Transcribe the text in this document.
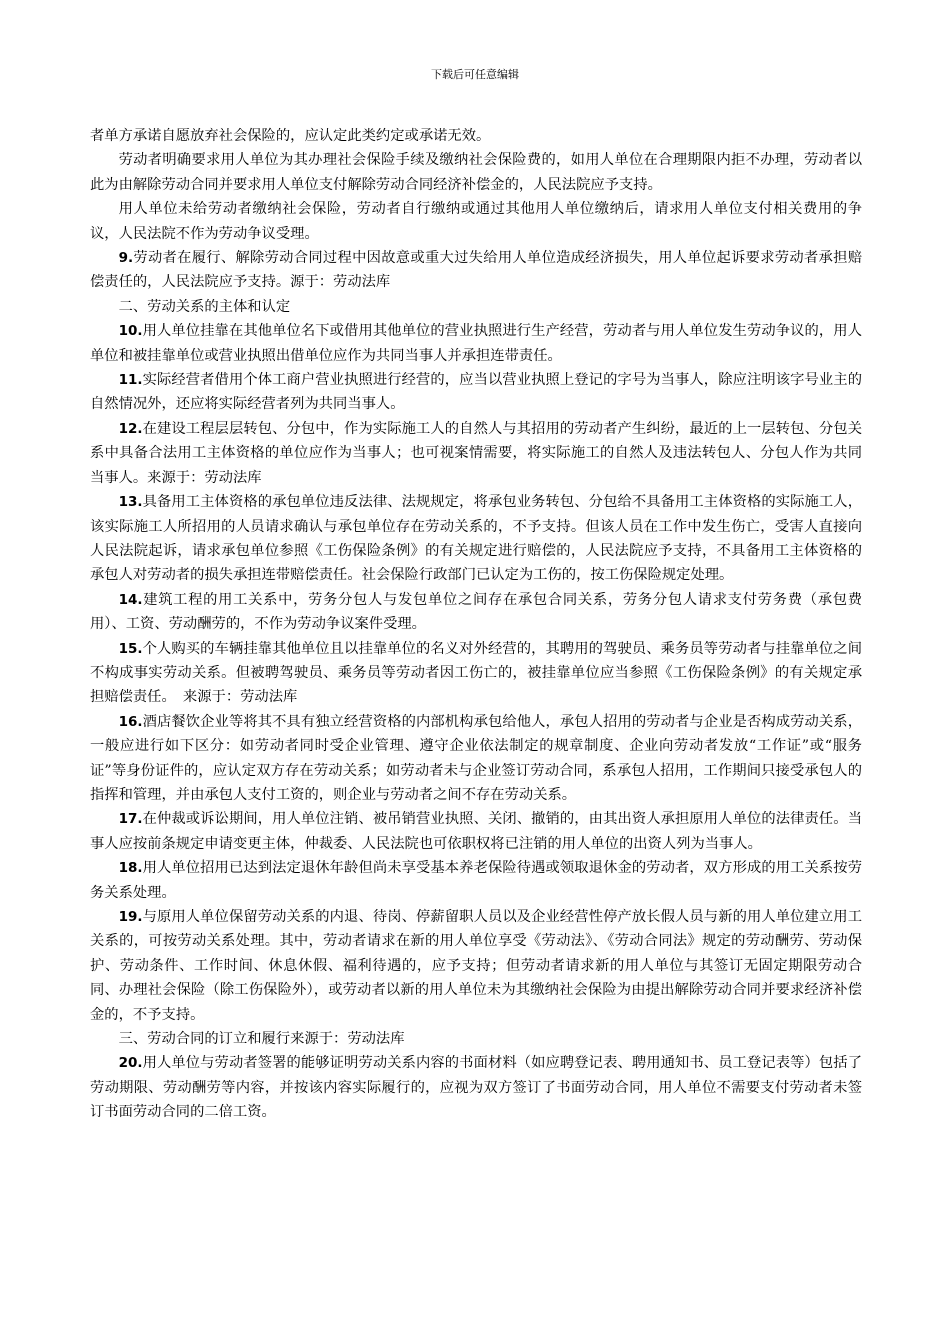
下载后可任意编辑

者单方承诺自愿放弃社会保险的，应认定此类约定或承诺无效。

劳动者明确要求用人单位为其办理社会保险手续及缴纳社会保险费的，如用人单位在合理期限内拒不办理，劳动者以此为由解除劳动合同并要求用人单位支付解除劳动合同经济补偿金的，人民法院应予支持。

用人单位未给劳动者缴纳社会保险，劳动者自行缴纳或通过其他用人单位缴纳后，请求用人单位支付相关费用的争议，人民法院不作为劳动争议受理。

9.劳动者在履行、解除劳动合同过程中因故意或重大过失给用人单位造成经济损失，用人单位起诉要求劳动者承担赔偿责任的，人民法院应予支持。源于：劳动法库

二、劳动关系的主体和认定

10.用人单位挂靠在其他单位名下或借用其他单位的营业执照进行生产经营，劳动者与用人单位发生劳动争议的，用人单位和被挂靠单位或营业执照出借单位应作为共同当事人并承担连带责任。

11.实际经营者借用个体工商户营业执照进行经营的，应当以营业执照上登记的字号为当事人，除应注明该字号业主的自然情况外，还应将实际经营者列为共同当事人。

12.在建设工程层层转包、分包中，作为实际施工人的自然人与其招用的劳动者产生纠纷，最近的上一层转包、分包关系中具备合法用工主体资格的单位应作为当事人；也可视案情需要，将实际施工的自然人及违法转包人、分包人作为共同当事人。来源于：劳动法库

13.具备用工主体资格的承包单位违反法律、法规规定，将承包业务转包、分包给不具备用工主体资格的实际施工人，该实际施工人所招用的人员请求确认与承包单位存在劳动关系的，不予支持。但该人员在工作中发生伤亡，受害人直接向人民法院起诉，请求承包单位参照《工伤保险条例》的有关规定进行赔偿的，人民法院应予支持，不具备用工主体资格的承包人对劳动者的损失承担连带赔偿责任。社会保险行政部门已认定为工伤的，按工伤保险规定处理。

14.建筑工程的用工关系中，劳务分包人与发包单位之间存在承包合同关系，劳务分包人请求支付劳务费（承包费用）、工资、劳动酬劳的，不作为劳动争议案件受理。

15.个人购买的车辆挂靠其他单位且以挂靠单位的名义对外经营的，其聘用的驾驶员、乘务员等劳动者与挂靠单位之间不构成事实劳动关系。但被聘驾驶员、乘务员等劳动者因工伤亡的，被挂靠单位应当参照《工伤保险条例》的有关规定承担赔偿责任。　来源于：劳动法库

16.酒店餐饮企业等将其不具有独立经营资格的内部机构承包给他人，承包人招用的劳动者与企业是否构成劳动关系，一般应进行如下区分：如劳动者同时受企业管理、遵守企业依法制定的规章制度、企业向劳动者发放“工作证”或“服务证”等身份证件的，应认定双方存在劳动关系；如劳动者未与企业签订劳动合同，系承包人招用，工作期间只接受承包人的指挥和管理，并由承包人支付工资的，则企业与劳动者之间不存在劳动关系。

17.在仲裁或诉讼期间，用人单位注销、被吊销营业执照、关闭、撤销的，由其出资人承担原用人单位的法律责任。当事人应按前条规定申请变更主体，仲裁委、人民法院也可依职权将已注销的用人单位的出资人列为当事人。

18.用人单位招用已达到法定退休年龄但尚未享受基本养老保险待遇或领取退休金的劳动者，双方形成的用工关系按劳务关系处理。

19.与原用人单位保留劳动关系的内退、待岗、停薪留职人员以及企业经营性停产放长假人员与新的用人单位建立用工关系的，可按劳动关系处理。其中，劳动者请求在新的用人单位享受《劳动法》、《劳动合同法》规定的劳动酬劳、劳动保护、劳动条件、工作时间、休息休假、福利待遇的，应予支持；但劳动者请求新的用人单位与其签订无固定期限劳动合同、办理社会保险（除工伤保险外），或劳动者以新的用人单位未为其缴纳社会保险为由提出解除劳动合同并要求经济补偿金的，不予支持。

三、劳动合同的订立和履行来源于：劳动法库

20.用人单位与劳动者签署的能够证明劳动关系内容的书面材料（如应聘登记表、聘用通知书、员工登记表等）包括了劳动期限、劳动酬劳等内容，并按该内容实际履行的，应视为双方签订了书面劳动合同，用人单位不需要支付劳动者未签订书面劳动合同的二倍工资。
